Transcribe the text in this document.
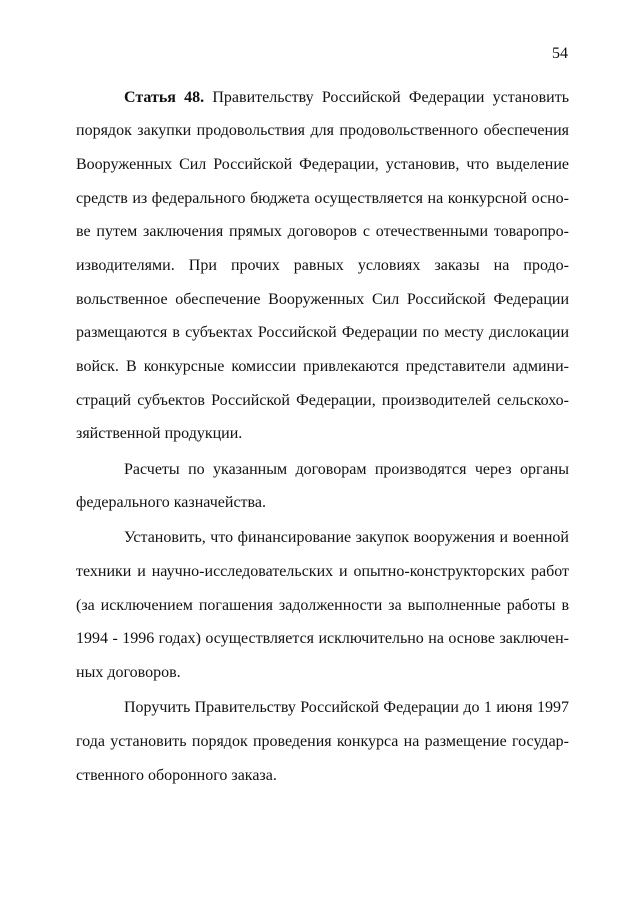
54
Статья 48. Правительству Российской Федерации установить
порядок закупки продовольствия для продовольственного обеспечения
Вооруженных Сил Российской Федерации, установив, что выделение
средств из федерального бюджета осуществляется на конкурсной осно-
ве путем заключения прямых договоров с отечественными товаропро-
изводителями. При прочих равных условиях заказы на продо-
вольственное обеспечение Вооруженных Сил Российской Федерации
размещаются в субъектах Российской Федерации по месту дислокации
войск. В конкурсные комиссии привлекаются представители админи-
страций субъектов Российской Федерации, производителей сельскохо-
зяйственной продукции.
Расчеты по указанным договорам производятся через органы
федерального казначейства.
Установить, что финансирование закупок вооружения и военной
техники и научно-исследовательских и опытно-конструкторских работ
(за исключением погашения задолженности за выполненные работы в
1994 - 1996 годах) осуществляется исключительно на основе заключен-
ных договоров.
Поручить Правительству Российской Федерации до 1 июня 1997
года установить порядок проведения конкурса на размещение государ-
ственного оборонного заказа.
